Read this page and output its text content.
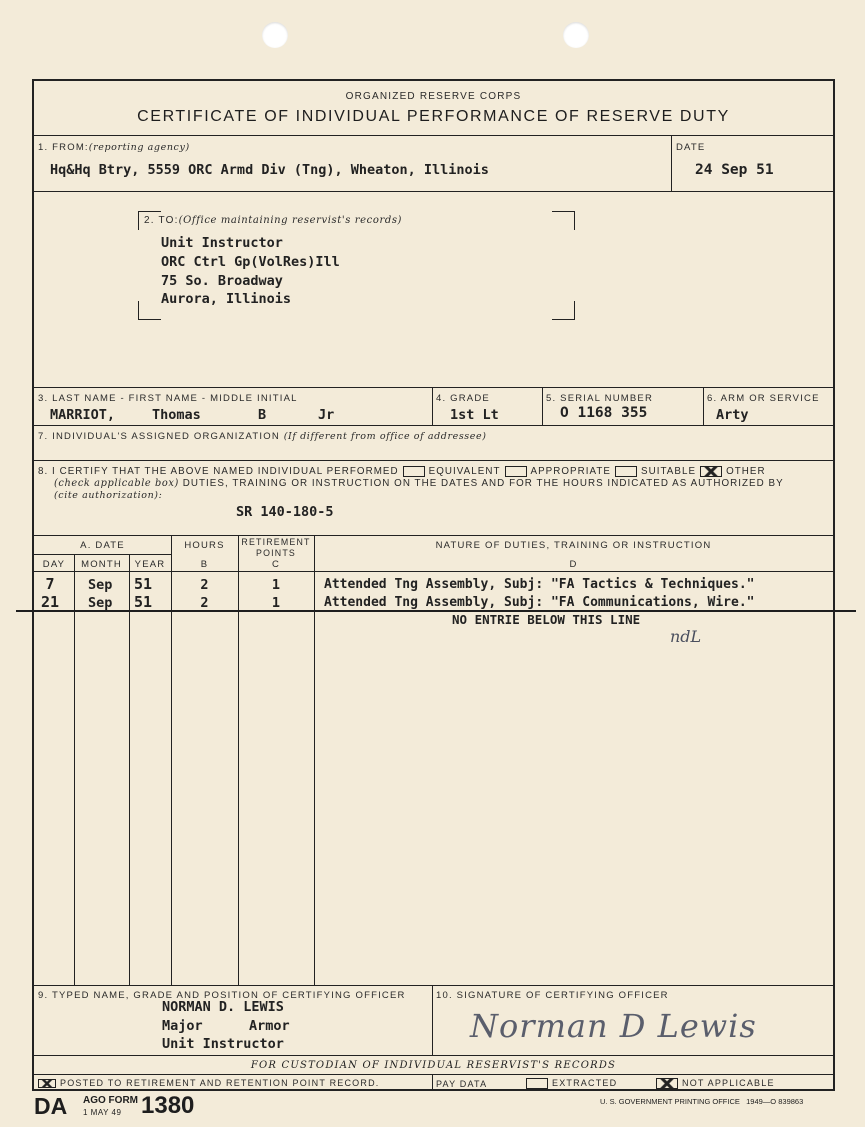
ORGANIZED RESERVE CORPS
CERTIFICATE OF INDIVIDUAL PERFORMANCE OF RESERVE DUTY
1. FROM:(reporting agency)
Hq&Hq Btry, 5559 ORC Armd Div (Tng), Wheaton, Illinois
DATE
24 Sep 51
2. TO:(Office maintaining reservist's records)
Unit Instructor
ORC Ctrl Gp(VolRes)Ill
75 So. Broadway
Aurora, Illinois
3. LAST NAME - FIRST NAME - MIDDLE INITIAL
MARRIOT,	Thomas	B	Jr
4. GRADE
1st Lt
5. SERIAL NUMBER
O 1168 355
6. ARM OR SERVICE
Arty
7. INDIVIDUAL'S ASSIGNED ORGANIZATION (If different from office of addressee)
8. I CERTIFY THAT THE ABOVE NAMED INDIVIDUAL PERFORMED	EQUIVALENT	APPROPRIATE	SUITABLE	OTHER
(check applicable box) DUTIES, TRAINING OR INSTRUCTION ON THE DATES AND FOR THE HOURS INDICATED AS AUTHORIZED BY
(cite authorization):
SR 140-180-5
A. DATE
DAY	MONTH	YEAR
HOURS
B
RETIREMENT POINTS
C
NATURE OF DUTIES, TRAINING OR INSTRUCTION
D
7	Sep 51	2	1	Attended Tng Assembly, Subj: "FA Tactics & Techniques."
21	Sep 51	2	1	Attended Tng Assembly, Subj: "FA Communications, Wire."
NO ENTRIE BELOW THIS LINE
ndL
9. TYPED NAME, GRADE AND POSITION OF CERTIFYING OFFICER
NORMAN D. LEWIS
Major	Armor
Unit Instructor
10. SIGNATURE OF CERTIFYING OFFICER
Norman D Lewis
FOR CUSTODIAN OF INDIVIDUAL RESERVIST'S RECORDS
POSTED TO RETIREMENT AND RETENTION POINT RECORD.	PAY DATA	EXTRACTED	NOT APPLICABLE
DA AGO FORM
1 MAY 49 1380	U. S. GOVERNMENT PRINTING OFFICE   1949—O 839863
